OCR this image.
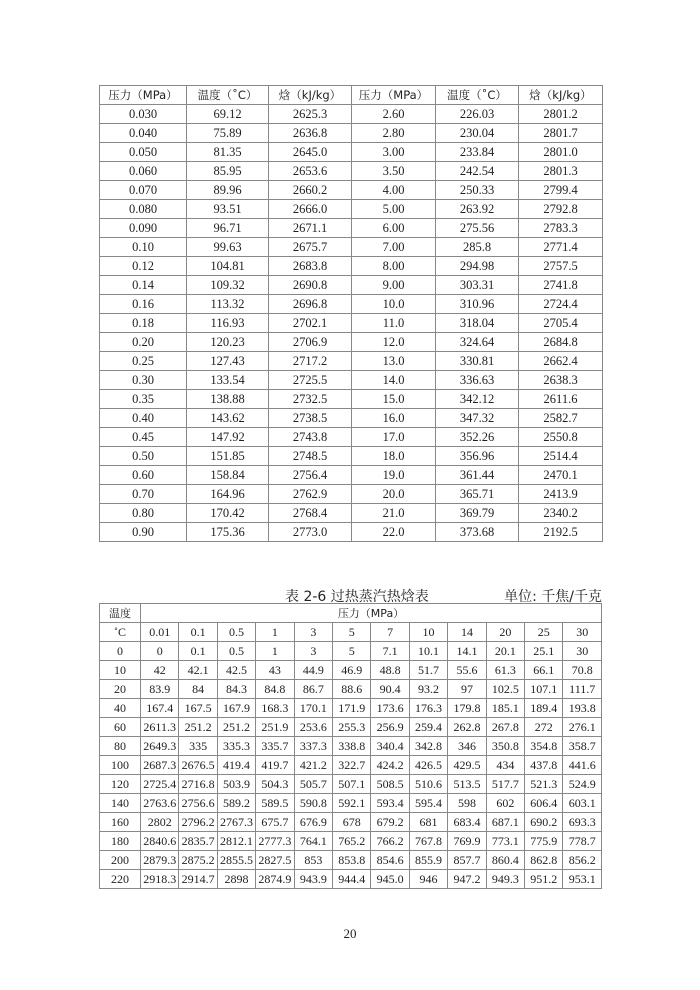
压力（MPa）	温度（˚C）	焓（kJ/kg）	压力（MPa）	温度（˚C）	焓（kJ/kg）
0.030	69.12	2625.3	2.60	226.03	2801.2
0.040	75.89	2636.8	2.80	230.04	2801.7
0.050	81.35	2645.0	3.00	233.84	2801.0
0.060	85.95	2653.6	3.50	242.54	2801.3
0.070	89.96	2660.2	4.00	250.33	2799.4
0.080	93.51	2666.0	5.00	263.92	2792.8
0.090	96.71	2671.1	6.00	275.56	2783.3
0.10	99.63	2675.7	7.00	285.8	2771.4
0.12	104.81	2683.8	8.00	294.98	2757.5
0.14	109.32	2690.8	9.00	303.31	2741.8
0.16	113.32	2696.8	10.0	310.96	2724.4
0.18	116.93	2702.1	11.0	318.04	2705.4
0.20	120.23	2706.9	12.0	324.64	2684.8
0.25	127.43	2717.2	13.0	330.81	2662.4
0.30	133.54	2725.5	14.0	336.63	2638.3
0.35	138.88	2732.5	15.0	342.12	2611.6
0.40	143.62	2738.5	16.0	347.32	2582.7
0.45	147.92	2743.8	17.0	352.26	2550.8
0.50	151.85	2748.5	18.0	356.96	2514.4
0.60	158.84	2756.4	19.0	361.44	2470.1
0.70	164.96	2762.9	20.0	365.71	2413.9
0.80	170.42	2768.4	21.0	369.79	2340.2
0.90	175.36	2773.0	22.0	373.68	2192.5
表 2-6 过热蒸汽热焓表	单位: 千焦/千克
温度	压力（MPa）											
˚C	0.01	0.1	0.5	1	3	5	7	10	14	20	25	30
0	0	0.1	0.5	1	3	5	7.1	10.1	14.1	20.1	25.1	30
10	42	42.1	42.5	43	44.9	46.9	48.8	51.7	55.6	61.3	66.1	70.8
20	83.9	84	84.3	84.8	86.7	88.6	90.4	93.2	97	102.5	107.1	111.7
40	167.4	167.5	167.9	168.3	170.1	171.9	173.6	176.3	179.8	185.1	189.4	193.8
60	2611.3	251.2	251.2	251.9	253.6	255.3	256.9	259.4	262.8	267.8	272	276.1
80	2649.3	335	335.3	335.7	337.3	338.8	340.4	342.8	346	350.8	354.8	358.7
100	2687.3	2676.5	419.4	419.7	421.2	322.7	424.2	426.5	429.5	434	437.8	441.6
120	2725.4	2716.8	503.9	504.3	505.7	507.1	508.5	510.6	513.5	517.7	521.3	524.9
140	2763.6	2756.6	589.2	589.5	590.8	592.1	593.4	595.4	598	602	606.4	603.1
160	2802	2796.2	2767.3	675.7	676.9	678	679.2	681	683.4	687.1	690.2	693.3
180	2840.6	2835.7	2812.1	2777.3	764.1	765.2	766.2	767.8	769.9	773.1	775.9	778.7
200	2879.3	2875.2	2855.5	2827.5	853	853.8	854.6	855.9	857.7	860.4	862.8	856.2
220	2918.3	2914.7	2898	2874.9	943.9	944.4	945.0	946	947.2	949.3	951.2	953.1
20
